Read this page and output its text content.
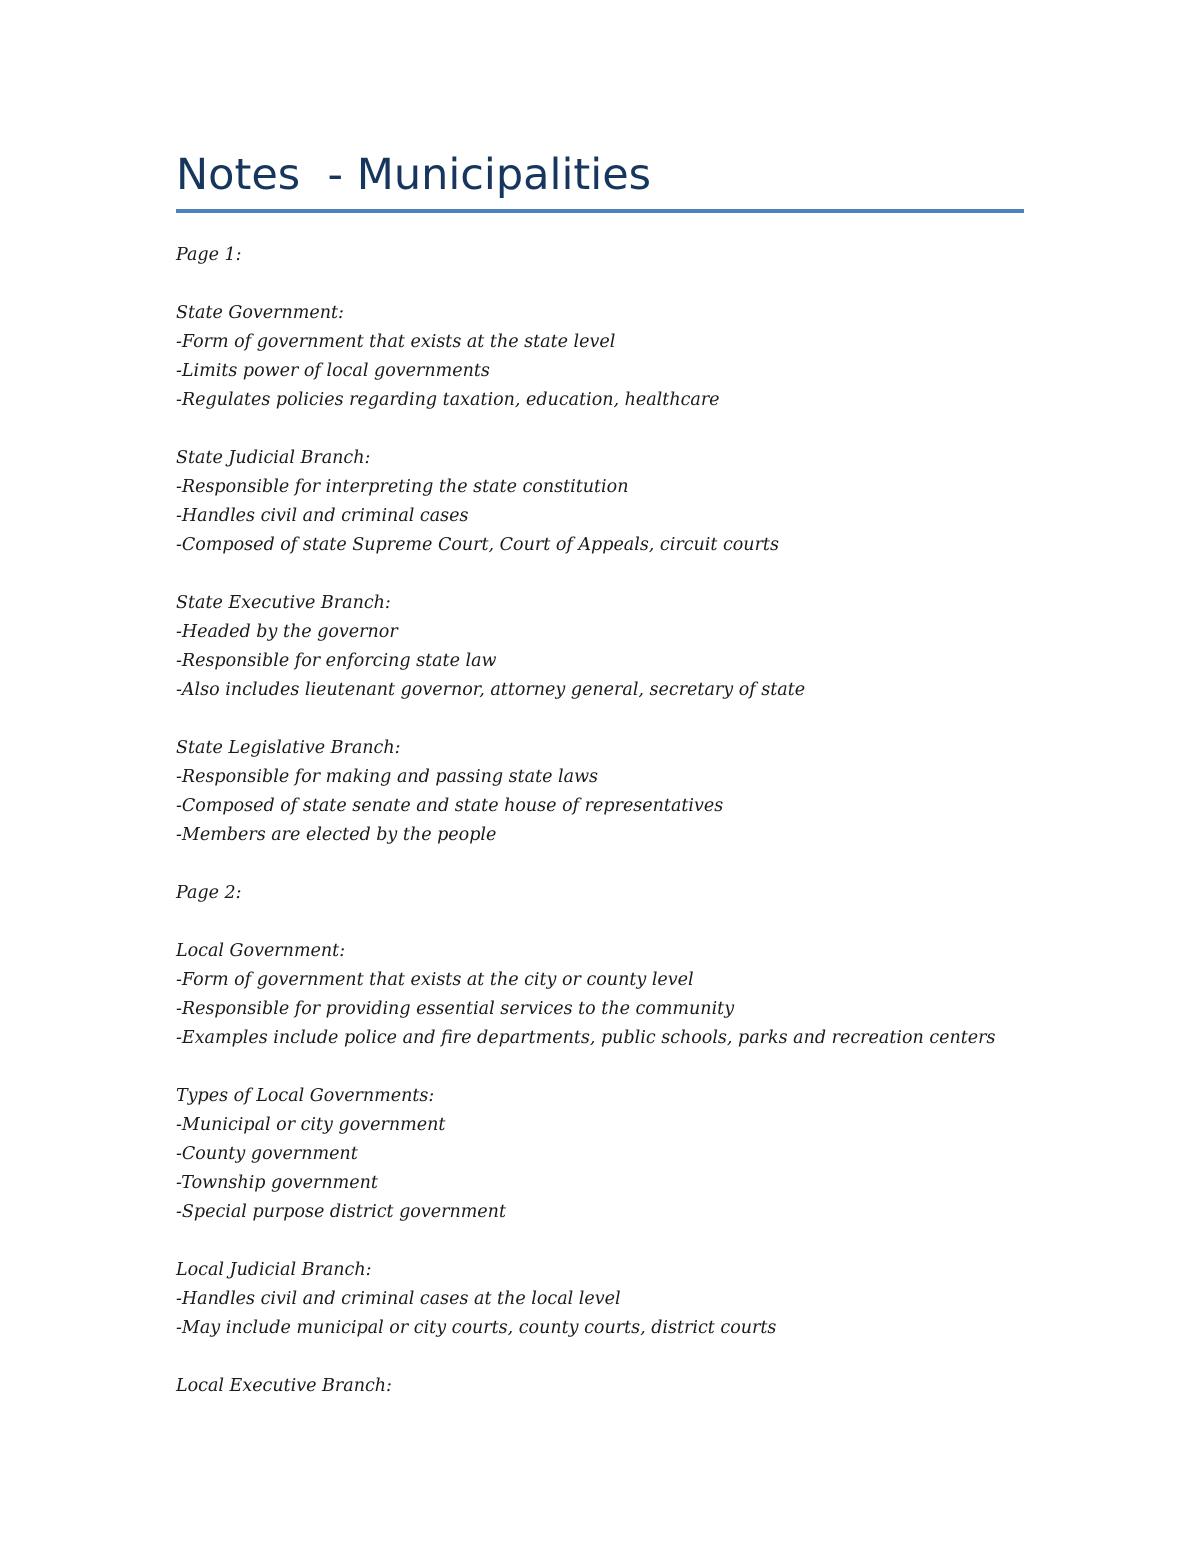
Notes  - Municipalities
Page 1:
State Government:
-Form of government that exists at the state level
-Limits power of local governments
-Regulates policies regarding taxation, education, healthcare
State Judicial Branch:
-Responsible for interpreting the state constitution
-Handles civil and criminal cases
-Composed of state Supreme Court, Court of Appeals, circuit courts
State Executive Branch:
-Headed by the governor
-Responsible for enforcing state law
-Also includes lieutenant governor, attorney general, secretary of state
State Legislative Branch:
-Responsible for making and passing state laws
-Composed of state senate and state house of representatives
-Members are elected by the people
Page 2:
Local Government:
-Form of government that exists at the city or county level
-Responsible for providing essential services to the community
-Examples include police and fire departments, public schools, parks and recreation centers
Types of Local Governments:
-Municipal or city government
-County government
-Township government
-Special purpose district government
Local Judicial Branch:
-Handles civil and criminal cases at the local level
-May include municipal or city courts, county courts, district courts
Local Executive Branch:
